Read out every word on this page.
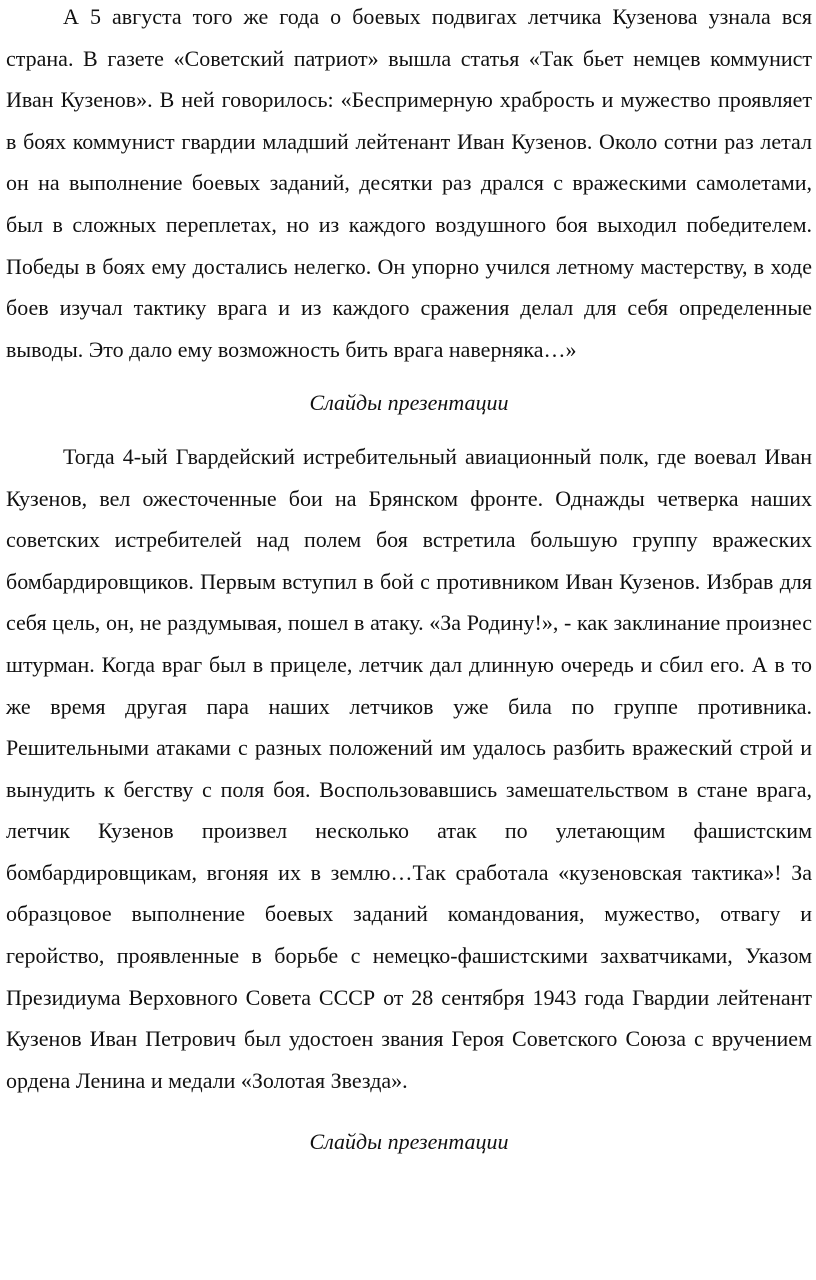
А 5 августа того же года о боевых подвигах летчика Кузенова узнала вся страна. В газете «Советский патриот» вышла статья «Так бьет немцев коммунист Иван Кузенов». В ней говорилось: «Беспримерную храбрость и мужество проявляет в боях коммунист гвардии младший лейтенант Иван Кузенов. Около сотни раз летал он на выполнение боевых заданий, десятки раз дрался с вражескими самолетами, был в сложных переплетах, но из каждого воздушного боя выходил победителем. Победы в боях ему достались нелегко. Он упорно учился летному мастерству, в ходе боев изучал тактику врага и из каждого сражения делал для себя определенные выводы. Это дало ему возможность бить врага наверняка…»

Слайды презентации

Тогда 4-ый Гвардейский истребительный авиационный полк, где воевал Иван Кузенов, вел ожесточенные бои на Брянском фронте. Однажды четверка наших советских истребителей над полем боя встретила большую группу вражеских бомбардировщиков. Первым вступил в бой с противником Иван Кузенов. Избрав для себя цель, он, не раздумывая, пошел в атаку. «За Родину!», - как заклинание произнес штурман. Когда враг был в прицеле, летчик дал длинную очередь и сбил его. А в то же время другая пара наших летчиков уже била по группе противника. Решительными атаками с разных положений им удалось разбить вражеский строй и вынудить к бегству с поля боя. Воспользовавшись замешательством в стане врага, летчик Кузенов произвел несколько атак по улетающим фашистским бомбардировщикам, вгоняя их в землю…Так сработала «кузеновская тактика»! За образцовое выполнение боевых заданий командования, мужество, отвагу и геройство, проявленные в борьбе с немецко-фашистскими захватчиками, Указом Президиума Верховного Совета СССР от 28 сентября 1943 года Гвардии лейтенант Кузенов Иван Петрович был удостоен звания Героя Советского Союза с вручением ордена Ленина и медали «Золотая Звезда».

Слайды презентации
